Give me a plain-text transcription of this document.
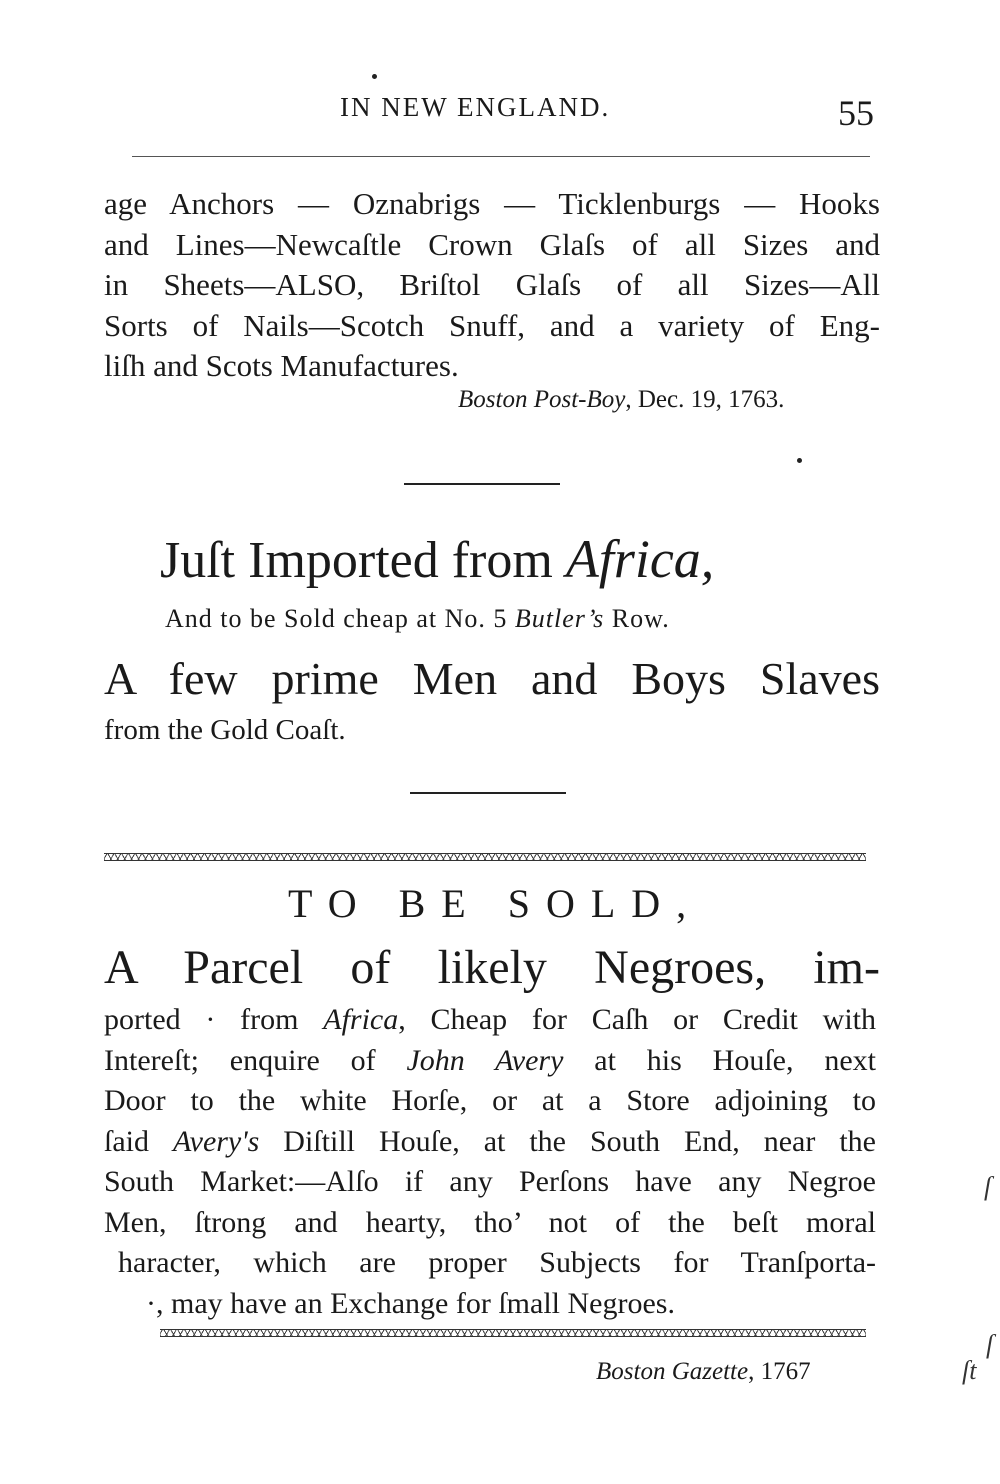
IN NEW ENGLAND.	55
age Anchors — Oznabrigs — Ticklenburgs — Hooks
and Lines—Newcaſtle Crown Glaſs of all Sizes and
in Sheets—ALSO, Briſtol Glaſs of all Sizes—All
Sorts of Nails—Scotch Snuff, and a variety of Eng-
liſh and Scots Manufactures.
Boston Post-Boy, Dec. 19, 1763.
Juſt Imported from Africa,
And to be Sold cheap at No. 5 Butler’s Row.
A few prime Men and Boys Slaves
from the Gold Coaſt.
TO BE SOLD,
A Parcel of likely Negroes, im-
ported · from Africa, Cheap for Caſh or Credit with
Intereſt; enquire of John Avery at his Houſe, next
Door to the white Horſe, or at a Store adjoining to
ſaid Avery's Diſtill Houſe, at the South End, near the
South Market:—Alſo if any Perſons have any Negroe
Men, ſtrong and hearty, tho’ not of the beſt moral
haracter, which are proper Subjects for Tranſporta-
·, may have an Exchange for ſmall Negroes.
Boston Gazette, 1767
ſ
ſ
ſt
